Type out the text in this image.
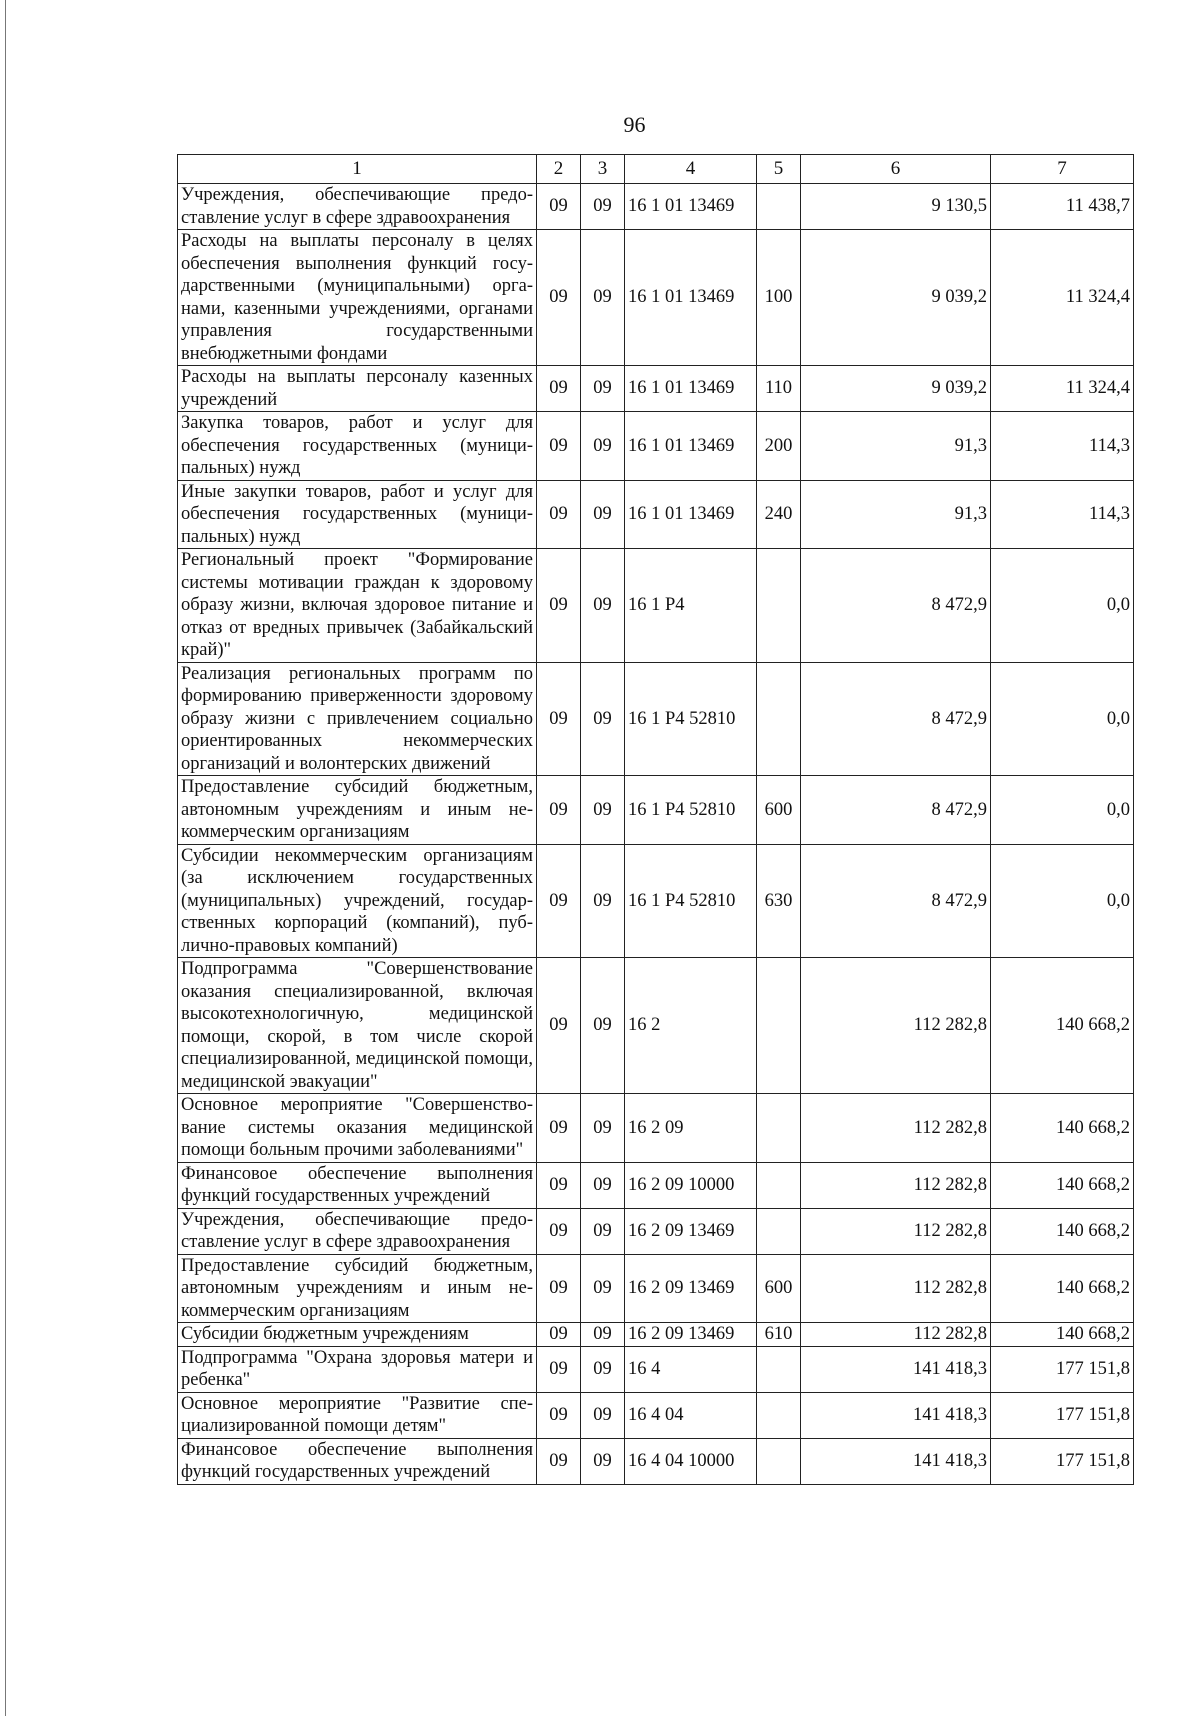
96
1	2	3	4	5	6	7
Учреждения, обеспечивающие предоставление услуг в сфере здравоохранения	09	09	16 1 01 13469		9 130,5	11 438,7
Расходы на выплаты персоналу в целях обеспечения выполнения функций государственными (муниципальными) органами, казенными учреждениями, органами управления государственными внебюджетными фондами	09	09	16 1 01 13469	100	9 039,2	11 324,4
Расходы на выплаты персоналу казенных учреждений	09	09	16 1 01 13469	110	9 039,2	11 324,4
Закупка товаров, работ и услуг для обеспечения государственных (муниципальных) нужд	09	09	16 1 01 13469	200	91,3	114,3
Иные закупки товаров, работ и услуг для обеспечения государственных (муниципальных) нужд	09	09	16 1 01 13469	240	91,3	114,3
Региональный проект "Формирование системы мотивации граждан к здоровому образу жизни, включая здоровое питание и отказ от вредных привычек (Забайкальский край)"	09	09	16 1 P4		8 472,9	0,0
Реализация региональных программ по формированию приверженности здоровому образу жизни с привлечением социально ориентированных некоммерческих организаций и волонтерских движений	09	09	16 1 P4 52810		8 472,9	0,0
Предоставление субсидий бюджетным, автономным учреждениям и иным некоммерческим организациям	09	09	16 1 P4 52810	600	8 472,9	0,0
Субсидии некоммерческим организациям (за исключением государственных (муниципальных) учреждений, государственных корпораций (компаний), публично-правовых компаний)	09	09	16 1 P4 52810	630	8 472,9	0,0
Подпрограмма "Совершенствование оказания специализированной, включая высокотехнологичную, медицинской помощи, скорой, в том числе скорой специализированной, медицинской помощи, медицинской эвакуации"	09	09	16 2		112 282,8	140 668,2
Основное мероприятие "Совершенствование системы оказания медицинской помощи больным прочими заболеваниями"	09	09	16 2 09		112 282,8	140 668,2
Финансовое обеспечение выполнения функций государственных учреждений	09	09	16 2 09 10000		112 282,8	140 668,2
Учреждения, обеспечивающие предоставление услуг в сфере здравоохранения	09	09	16 2 09 13469		112 282,8	140 668,2
Предоставление субсидий бюджетным, автономным учреждениям и иным некоммерческим организациям	09	09	16 2 09 13469	600	112 282,8	140 668,2
Субсидии бюджетным учреждениям	09	09	16 2 09 13469	610	112 282,8	140 668,2
Подпрограмма "Охрана здоровья матери и ребенка"	09	09	16 4		141 418,3	177 151,8
Основное мероприятие "Развитие специализированной помощи детям"	09	09	16 4 04		141 418,3	177 151,8
Финансовое обеспечение выполнения функций государственных учреждений	09	09	16 4 04 10000		141 418,3	177 151,8
